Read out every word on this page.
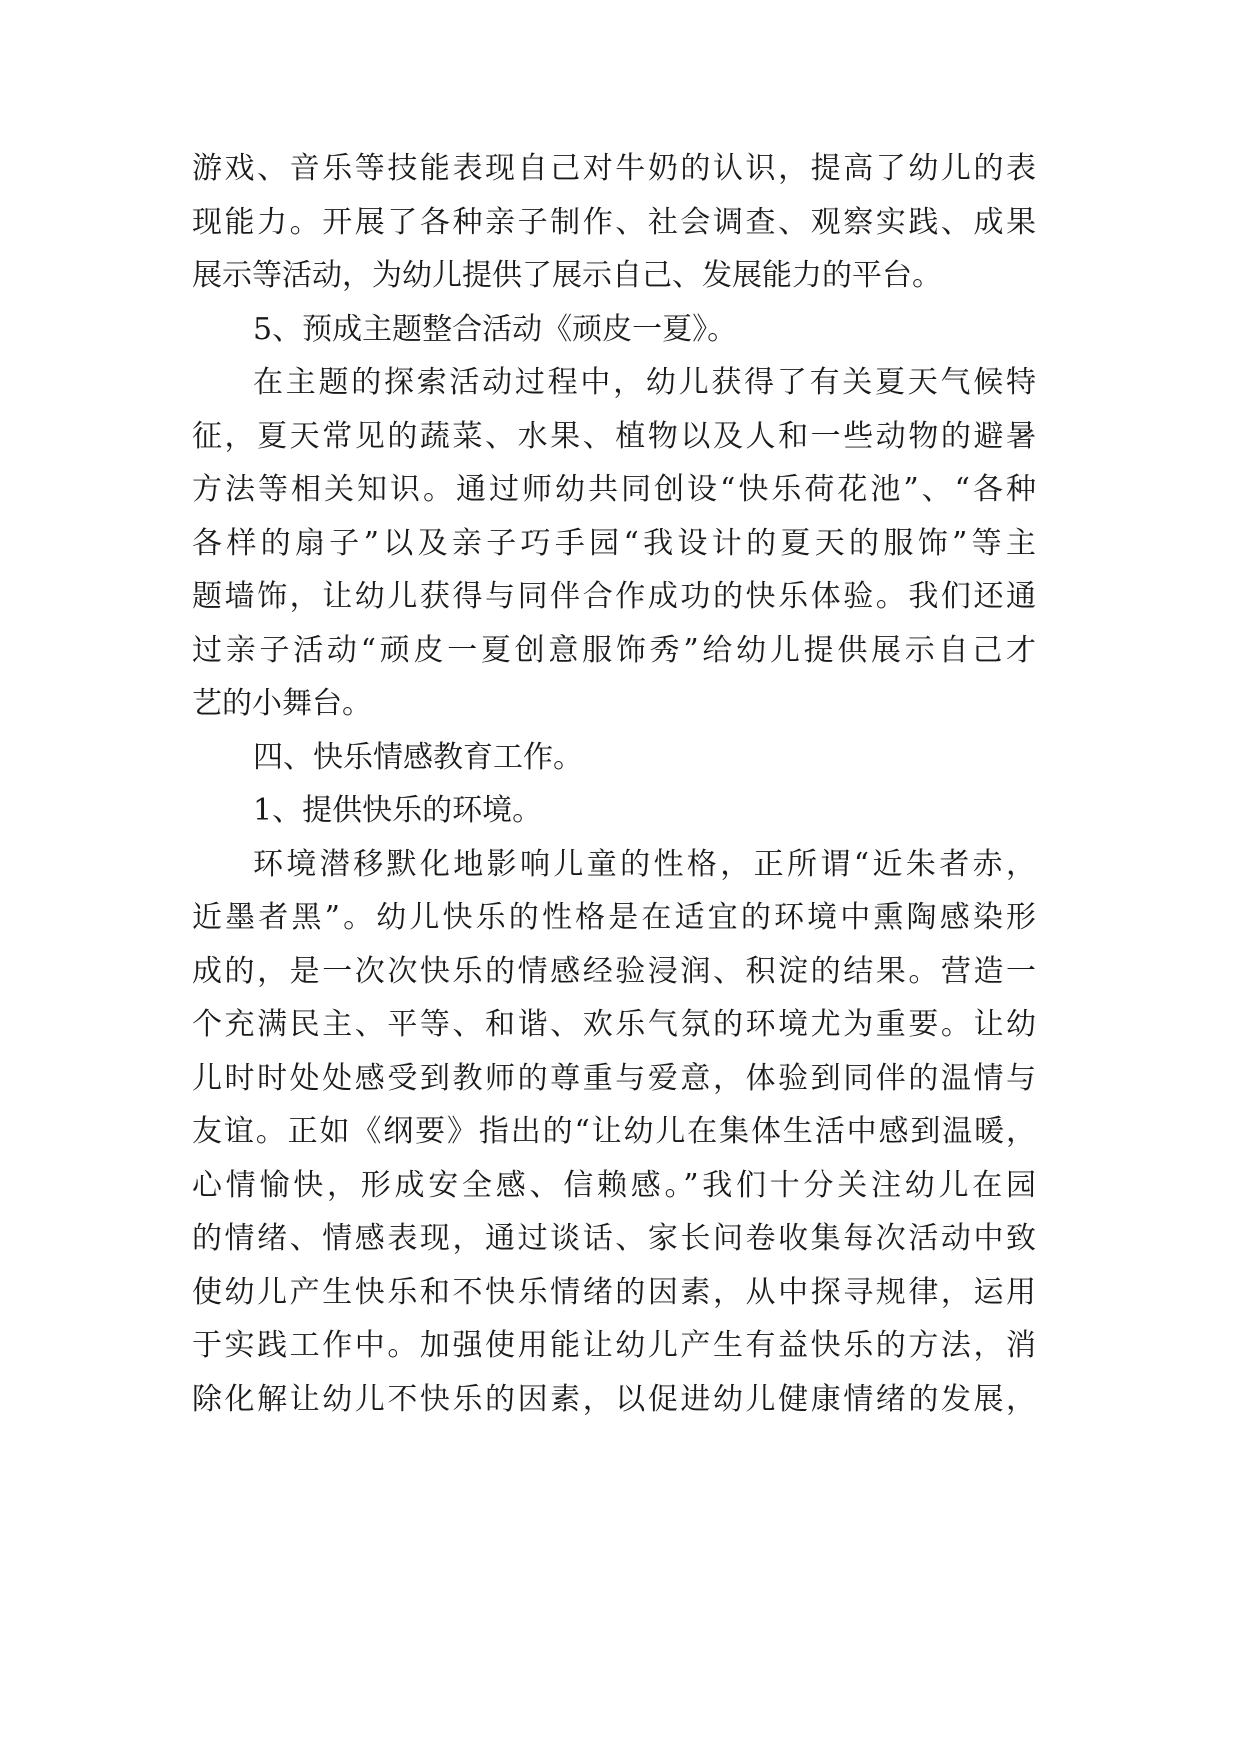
游戏、音乐等技能表现自己对牛奶的认识，提高了幼儿的表
现能力。开展了各种亲子制作、社会调查、观察实践、成果
展示等活动，为幼儿提供了展示自己、发展能力的平台。
5、预成主题整合活动《顽皮一夏》。
在主题的探索活动过程中，幼儿获得了有关夏天气候特
征，夏天常见的蔬菜、水果、植物以及人和一些动物的避暑
方法等相关知识。通过师幼共同创设“快乐荷花池”、“各种
各样的扇子”以及亲子巧手园“我设计的夏天的服饰”等主
题墙饰，让幼儿获得与同伴合作成功的快乐体验。我们还通
过亲子活动“顽皮一夏创意服饰秀”给幼儿提供展示自己才
艺的小舞台。
四、快乐情感教育工作。
1、提供快乐的环境。
环境潜移默化地影响儿童的性格，正所谓“近朱者赤，
近墨者黑”。幼儿快乐的性格是在适宜的环境中熏陶感染形
成的，是一次次快乐的情感经验浸润、积淀的结果。营造一
个充满民主、平等、和谐、欢乐气氛的环境尤为重要。让幼
儿时时处处感受到教师的尊重与爱意，体验到同伴的温情与
友谊。正如《纲要》指出的“让幼儿在集体生活中感到温暖，
心情愉快，形成安全感、信赖感。”我们十分关注幼儿在园
的情绪、情感表现，通过谈话、家长问卷收集每次活动中致
使幼儿产生快乐和不快乐情绪的因素，从中探寻规律，运用
于实践工作中。加强使用能让幼儿产生有益快乐的方法，消
除化解让幼儿不快乐的因素，以促进幼儿健康情绪的发展，
